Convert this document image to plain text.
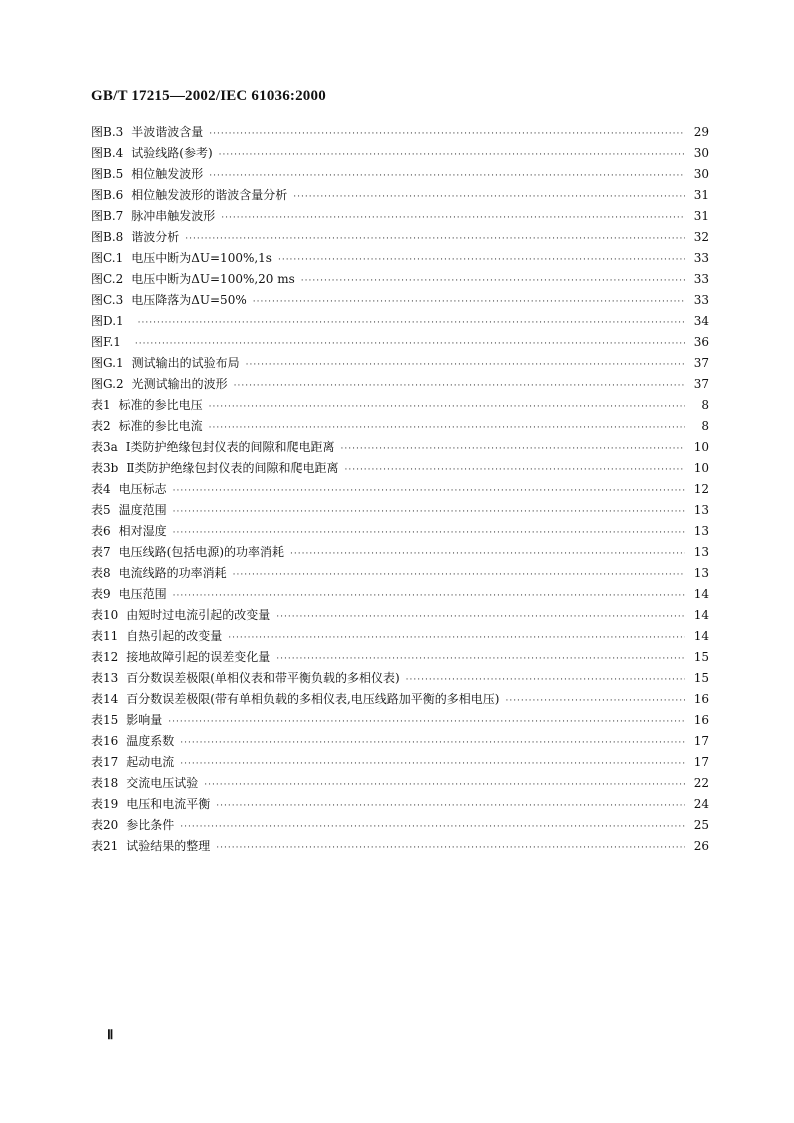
GB/T 17215—2002/IEC 61036:2000
图B.3 半波谐波含量 ·····	29
图B.4 试验线路(参考) ·····	30
图B.5 相位触发波形 ·····	30
图B.6 相位触发波形的谐波含量分析 ·····	31
图B.7 脉冲串触发波形 ·····	31
图B.8 谐波分析 ·····	32
图C.1 电压中断为ΔU=100%,1s ·····	33
图C.2 电压中断为ΔU=100%,20 ms ·····	33
图C.3 电压降落为ΔU=50% ·····	33
图D.1 ·····	34
图F.1 ·····	36
图G.1 测试输出的试验布局 ·····	37
图G.2 光测试输出的波形 ·····	37
表1 标准的参比电压 ·····	8
表2 标准的参比电流 ·····	8
表3a Ⅰ类防护绝缘包封仪表的间隙和爬电距离 ·····	10
表3b Ⅱ类防护绝缘包封仪表的间隙和爬电距离 ·····	10
表4 电压标志 ·····	12
表5 温度范围 ·····	13
表6 相对湿度 ·····	13
表7 电压线路(包括电源)的功率消耗 ·····	13
表8 电流线路的功率消耗 ·····	13
表9 电压范围 ·····	14
表10 由短时过电流引起的改变量 ·····	14
表11 自热引起的改变量 ·····	14
表12 接地故障引起的误差变化量 ·····	15
表13 百分数误差极限(单相仪表和带平衡负载的多相仪表) ·····	15
表14 百分数误差极限(带有单相负载的多相仪表,电压线路加平衡的多相电压) ·····	16
表15 影响量 ·····	16
表16 温度系数 ·····	17
表17 起动电流 ·····	17
表18 交流电压试验 ·····	22
表19 电压和电流平衡 ·····	24
表20 参比条件 ·····	25
表21 试验结果的整理 ·····	26
Ⅱ
